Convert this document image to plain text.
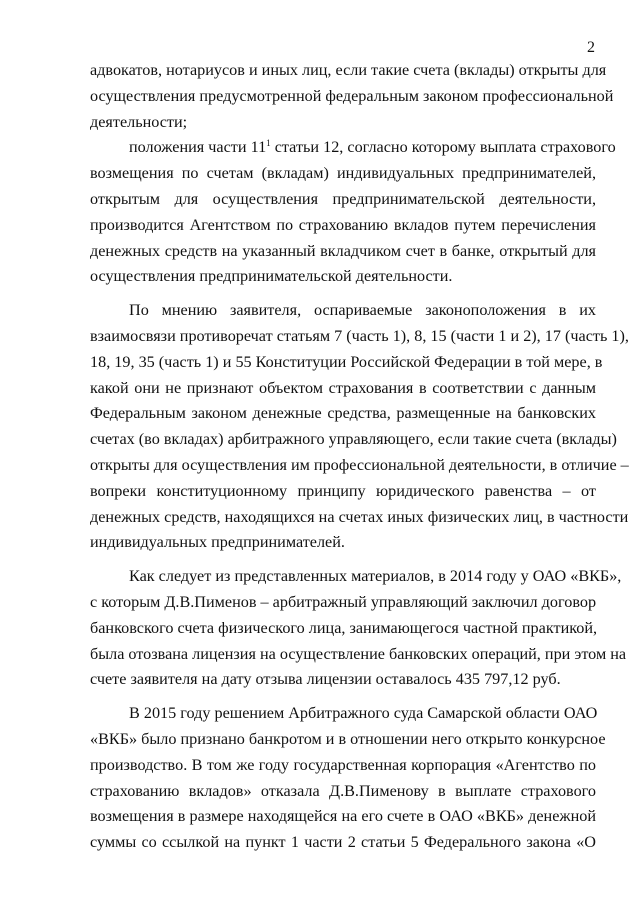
2
адвокатов, нотариусов и иных лиц, если такие счета (вклады) открыты для
осуществления предусмотренной федеральным законом профессиональной
деятельности;
положения части $11^1$ статьи 12, согласно которому выплата страхового
возмещения по счетам (вкладам) индивидуальных предпринимателей,
открытым для осуществления предпринимательской деятельности,
производится Агентством по страхованию вкладов путем перечисления
денежных средств на указанный вкладчиком счет в банке, открытый для
осуществления предпринимательской деятельности.
По мнению заявителя, оспариваемые законоположения в их
взаимосвязи противоречат статьям 7 (часть 1), 8, 15 (части 1 и 2), 17 (часть 1),
18, 19, 35 (часть 1) и 55 Конституции Российской Федерации в той мере, в
какой они не признают объектом страхования в соответствии с данным
Федеральным законом денежные средства, размещенные на банковских
счетах (во вкладах) арбитражного управляющего, если такие счета (вклады)
открыты для осуществления им профессиональной деятельности, в отличие –
вопреки конституционному принципу юридического равенства – от
денежных средств, находящихся на счетах иных физических лиц, в частности
индивидуальных предпринимателей.
Как следует из представленных материалов, в 2014 году у ОАО «ВКБ»,
с которым Д.В.Пименов – арбитражный управляющий заключил договор
банковского счета физического лица, занимающегося частной практикой,
была отозвана лицензия на осуществление банковских операций, при этом на
счете заявителя на дату отзыва лицензии оставалось 435 797,12 руб.
В 2015 году решением Арбитражного суда Самарской области ОАО
«ВКБ» было признано банкротом и в отношении него открыто конкурсное
производство. В том же году государственная корпорация «Агентство по
страхованию вкладов» отказала Д.В.Пименову в выплате страхового
возмещения в размере находящейся на его счете в ОАО «ВКБ» денежной
суммы со ссылкой на пункт 1 части 2 статьи 5 Федерального закона «О
